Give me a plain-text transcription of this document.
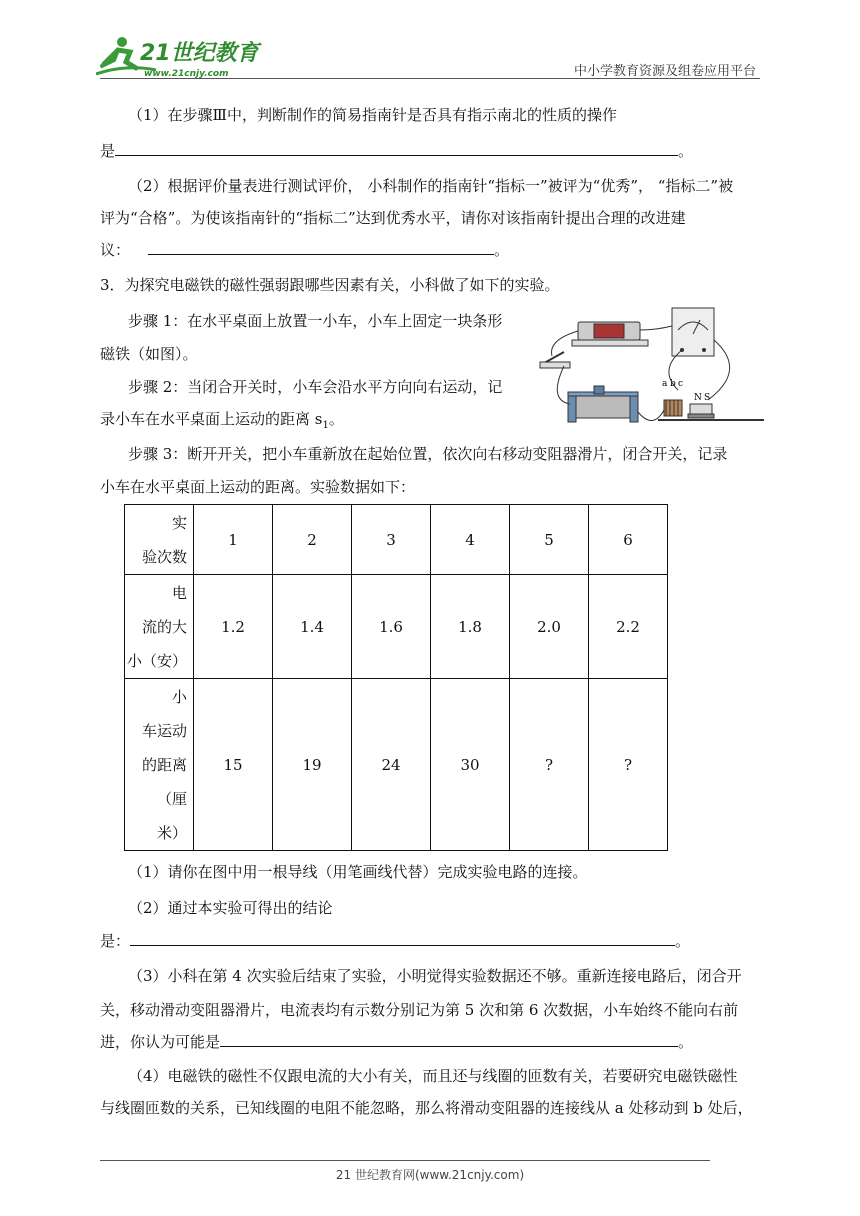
21世纪教育
www.21cnjy.com	中小学教育资源及组卷应用平台
（1）在步骤Ⅲ中，判断制作的简易指南针是否具有指示南北的性质的操作
是	。
（2）根据评价量表进行测试评价， 小科制作的指南针“指标一”被评为“优秀”， “指标二”被
评为“合格”。为使该指南针的“指标二”达到优秀水平，请你对该指南针提出合理的改进建
议：	。
3．为探究电磁铁的磁性强弱跟哪些因素有关，小科做了如下的实验。
步骤 1：在水平桌面上放置一小车，小车上固定一块条形
磁铁（如图）。
步骤 2：当闭合开关时，小车会沿水平方向向右运动，记
录小车在水平桌面上运动的距离 $s_1$。
a b c
N S
步骤 3：断开开关，把小车重新放在起始位置，依次向右移动变阻器滑片，闭合开关，记录
小车在水平桌面上运动的距离。实验数据如下：
实
验次数	1	2	3	4	5	6

电
流的大
小（安）	1.2	1.4	1.6	1.8	2.0	2.2

小
车运动
的距离
（厘
米）	15	19	24	30	?	?
（1）请你在图中用一根导线（用笔画线代替）完成实验电路的连接。
（2）通过本实验可得出的结论
是：	。
（3）小科在第 4 次实验后结束了实验，小明觉得实验数据还不够。重新连接电路后，闭合开
关，移动滑动变阻器滑片，电流表均有示数分别记为第 5 次和第 6 次数据，小车始终不能向右前
进，你认为可能是	。
（4）电磁铁的磁性不仅跟电流的大小有关，而且还与线圈的匝数有关，若要研究电磁铁磁性
与线圈匝数的关系，已知线圈的电阻不能忽略，那么将滑动变阻器的连接线从 a 处移动到 b 处后，
21 世纪教育网(www.21cnjy.com)
